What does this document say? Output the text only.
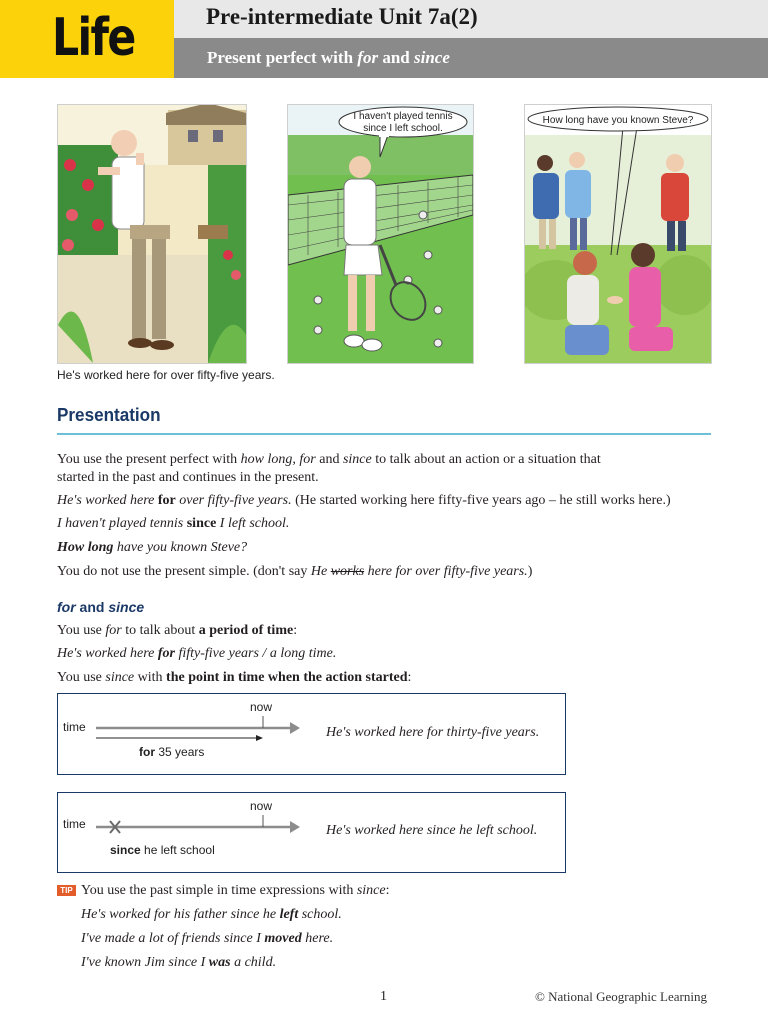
Life	Pre-intermediate Unit 7a(2)
Present perfect with for and since
I haven't played tennis
since I left school.
How long have you known Steve?
He's worked here for over fifty-five years.
Presentation
You use the present perfect with how long, for and since to talk about an action or a situation that
started in the past and continues in the present.
He's worked here for over fifty-five years. (He started working here fifty-five years ago – he still works here.)
I haven't played tennis since I left school.
How long have you known Steve?
You do not use the present simple. (don't say He works here for over fifty-five years.)
for and since
You use for to talk about a period of time:
He's worked here for fifty-five years / a long time.
You use since with the point in time when the action started:
time
now
for 35 years
He's worked here for thirty-five years.
time
now
since he left school
He's worked here since he left school.
TIP You use the past simple in time expressions with since:
He's worked for his father since he left school.
I've made a lot of friends since I moved here.
I've known Jim since I was a child.
1	© National Geographic Learning
